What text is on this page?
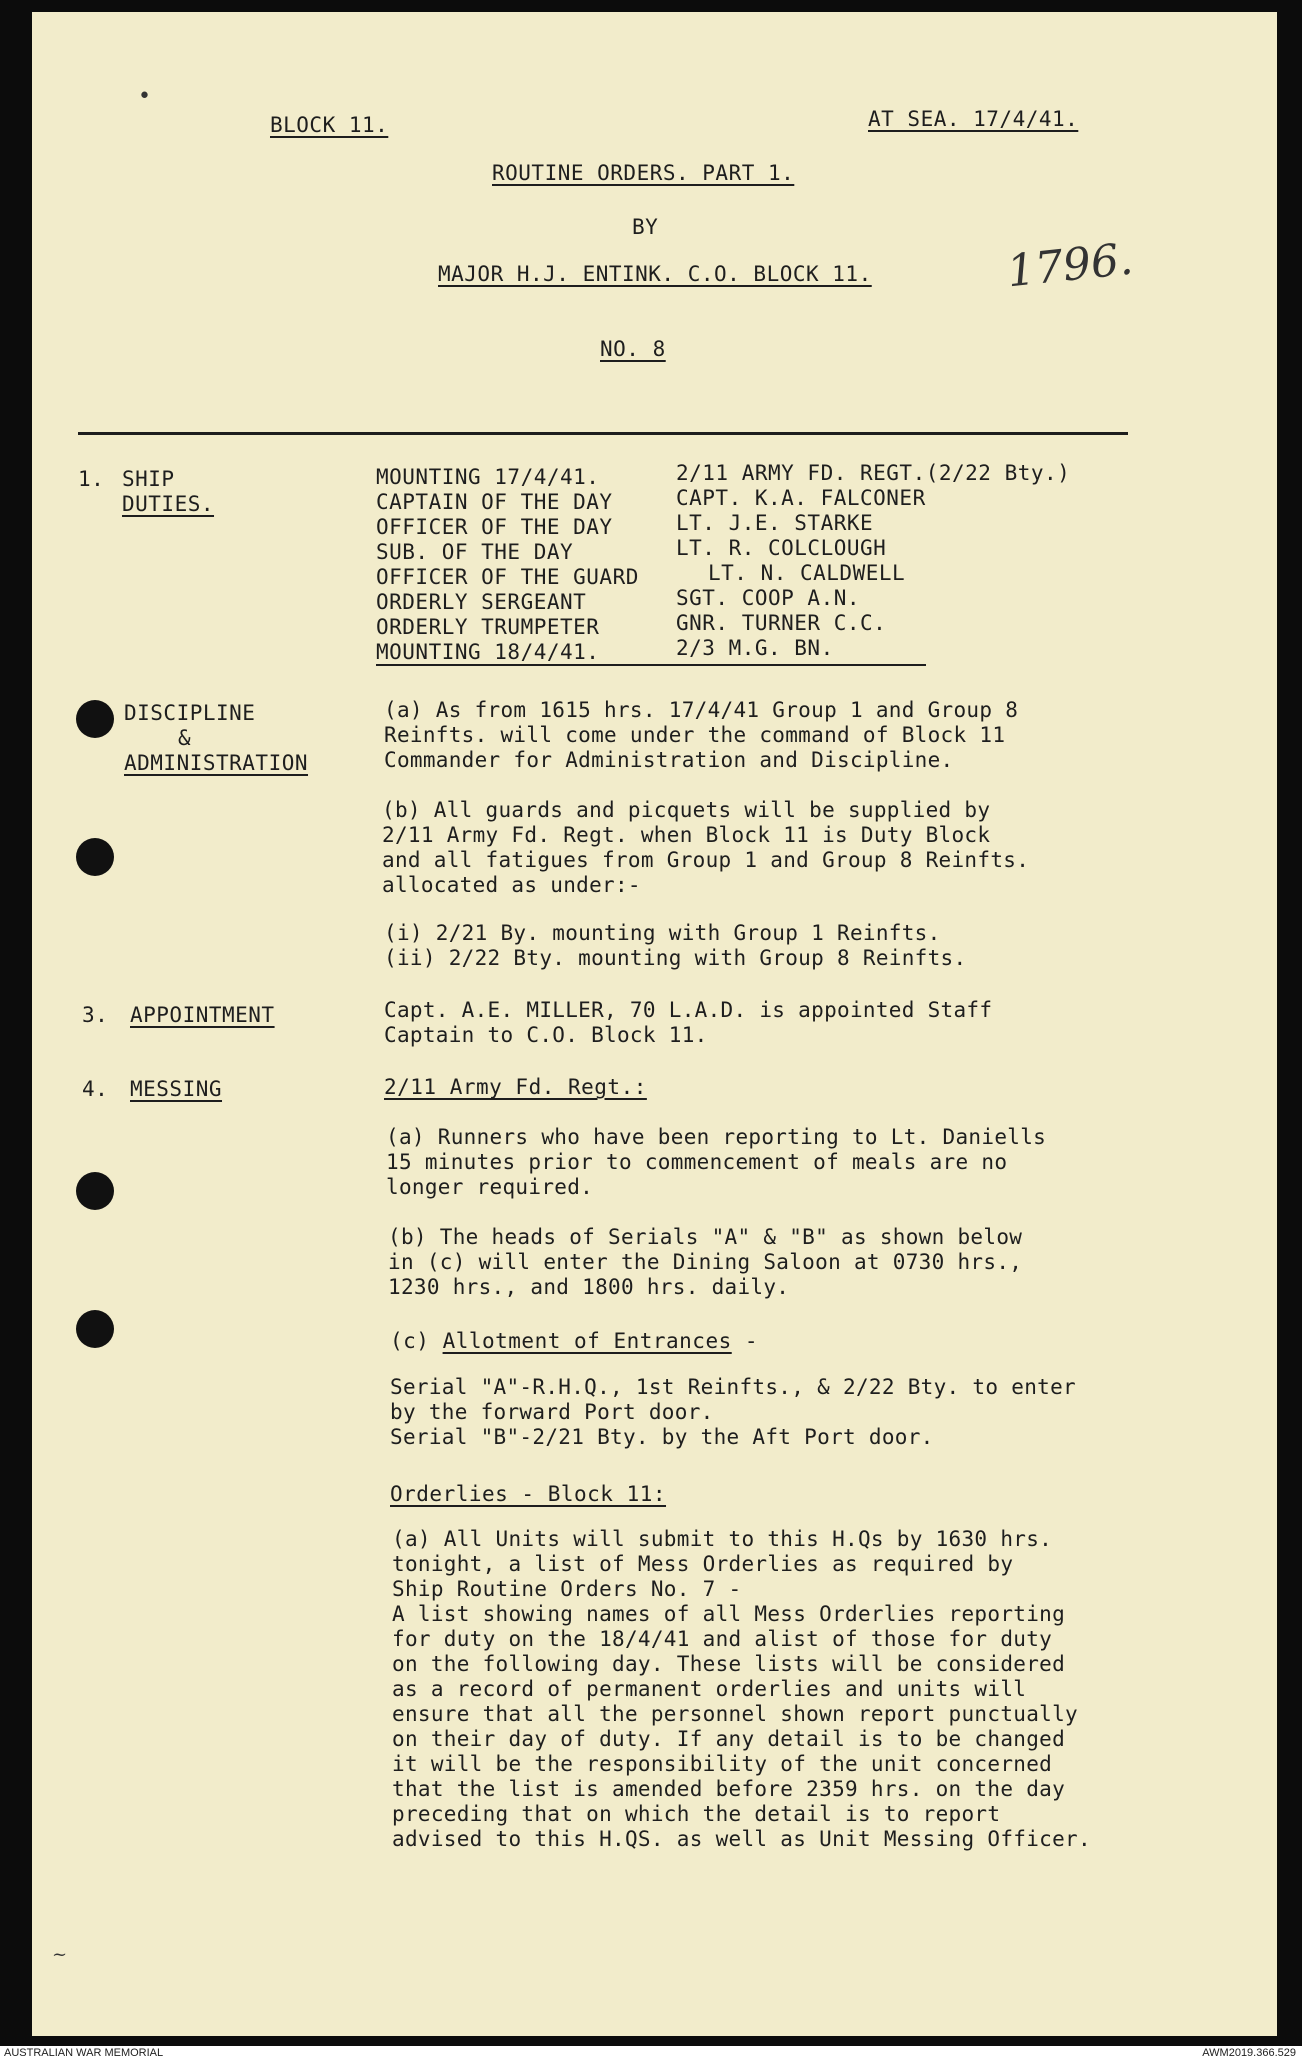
•
BLOCK 11.	AT SEA. 17/4/41.
ROUTINE ORDERS. PART 1.
BY
MAJOR H.J. ENTINK. C.O. BLOCK 11.	1796.
NO. 8
1. SHIP
DUTIES.
MOUNTING 17/4/41.	2/11 ARMY FD. REGT.(2/22 Bty.)
CAPTAIN OF THE DAY	CAPT. K.A. FALCONER
OFFICER OF THE DAY	LT. J.E. STARKE
SUB. OF THE DAY	LT. R. COLCLOUGH
OFFICER OF THE GUARD	LT. N. CALDWELL
ORDERLY SERGEANT	SGT. COOP A.N.
ORDERLY TRUMPETER	GNR. TURNER C.C.
MOUNTING 18/4/41.	2/3 M.G. BN.
DISCIPLINE
&
ADMINISTRATION
(a) As from 1615 hrs. 17/4/41 Group 1 and Group 8
Reinfts. will come under the command of Block 11
Commander for Administration and Discipline.
(b) All guards and picquets will be supplied by
2/11 Army Fd. Regt. when Block 11 is Duty Block
and all fatigues from Group 1 and Group 8 Reinfts.
allocated as under:-
(i) 2/21 By. mounting with Group 1 Reinfts.
(ii) 2/22 Bty. mounting with Group 8 Reinfts.
3. APPOINTMENT	Capt. A.E. MILLER, 70 L.A.D. is appointed Staff
Captain to C.O. Block 11.
4. MESSING	2/11 Army Fd. Regt.:
(a) Runners who have been reporting to Lt. Daniells
15 minutes prior to commencement of meals are no
longer required.
(b) The heads of Serials "A" & "B" as shown below
in (c) will enter the Dining Saloon at 0730 hrs.,
1230 hrs., and 1800 hrs. daily.
(c) Allotment of Entrances -
Serial "A"-R.H.Q., 1st Reinfts., & 2/22 Bty. to enter
by the forward Port door.
Serial "B"-2/21 Bty. by the Aft Port door.
Orderlies - Block 11:
(a) All Units will submit to this H.Qs by 1630 hrs.
tonight, a list of Mess Orderlies as required by
Ship Routine Orders No. 7 -
A list showing names of all Mess Orderlies reporting
for duty on the 18/4/41 and alist of those for duty
on the following day. These lists will be considered
as a record of permanent orderlies and units will
ensure that all the personnel shown report punctually
on their day of duty. If any detail is to be changed
it will be the responsibility of the unit concerned
that the list is amended before 2359 hrs. on the day
preceding that on which the detail is to report
advised to this H.QS. as well as Unit Messing Officer.
~
AUSTRALIAN WAR MEMORIAL	AWM2019.366.529
